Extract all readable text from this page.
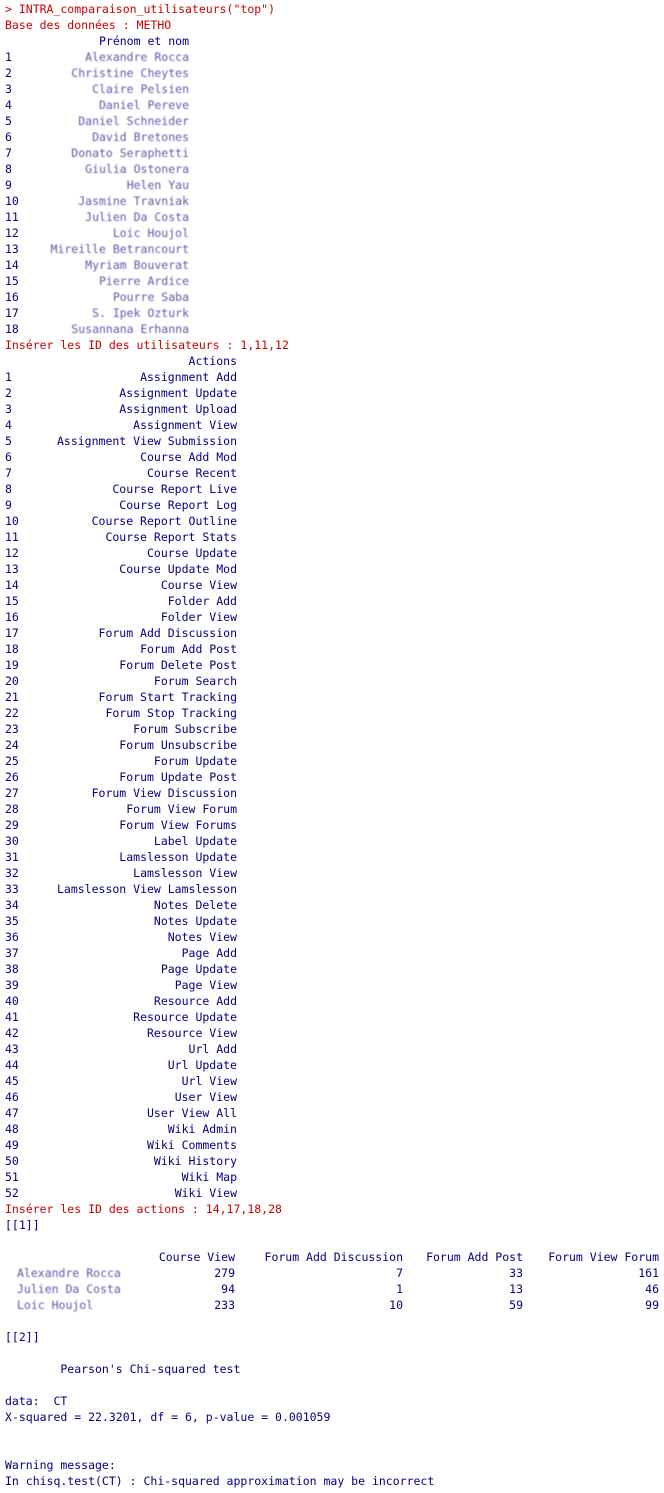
> INTRA_comparaison_utilisateurs("top")
Base des données : METHO
Prénom et nom
1	Alexandre Rocca
2	Christine Cheytes
3	Claire Pelsien
4	Daniel Pereve
5	Daniel Schneider
6	David Bretones
7	Donato Seraphetti
8	Giulia Ostonera
9	Helen Yau
10	Jasmine Travniak
11	Julien Da Costa
12	Loic Houjol
13	Mireille Betrancourt
14	Myriam Bouverat
15	Pierre Ardice
16	Pourre Saba
17	S. Ipek Ozturk
18	Susannana Erhanna
Insérer les ID des utilisateurs : 1,11,12
Actions
1	Assignment Add
2	Assignment Update
3	Assignment Upload
4	Assignment View
5	Assignment View Submission
6	Course Add Mod
7	Course Recent
8	Course Report Live
9	Course Report Log
10	Course Report Outline
11	Course Report Stats
12	Course Update
13	Course Update Mod
14	Course View
15	Folder Add
16	Folder View
17	Forum Add Discussion
18	Forum Add Post
19	Forum Delete Post
20	Forum Search
21	Forum Start Tracking
22	Forum Stop Tracking
23	Forum Subscribe
24	Forum Unsubscribe
25	Forum Update
26	Forum Update Post
27	Forum View Discussion
28	Forum View Forum
29	Forum View Forums
30	Label Update
31	Lamslesson Update
32	Lamslesson View
33	Lamslesson View Lamslesson
34	Notes Delete
35	Notes Update
36	Notes View
37	Page Add
38	Page Update
39	Page View
40	Resource Add
41	Resource Update
42	Resource View
43	Url Add
44	Url Update
45	Url View
46	User View
47	User View All
48	Wiki Admin
49	Wiki Comments
50	Wiki History
51	Wiki Map
52	Wiki View
Insérer les ID des actions : 14,17,18,28
[[1]]
Course View	Forum Add Discussion	Forum Add Post	Forum View Forum
Alexandre Rocca	279	7	33	161
Julien Da Costa	94	1	13	46
Loic Houjol	233	10	59	99
[[2]]
Pearson's Chi-squared test
data:  CT
X-squared = 22.3201, df = 6, p-value = 0.001059
Warning message:
In chisq.test(CT) : Chi-squared approximation may be incorrect
